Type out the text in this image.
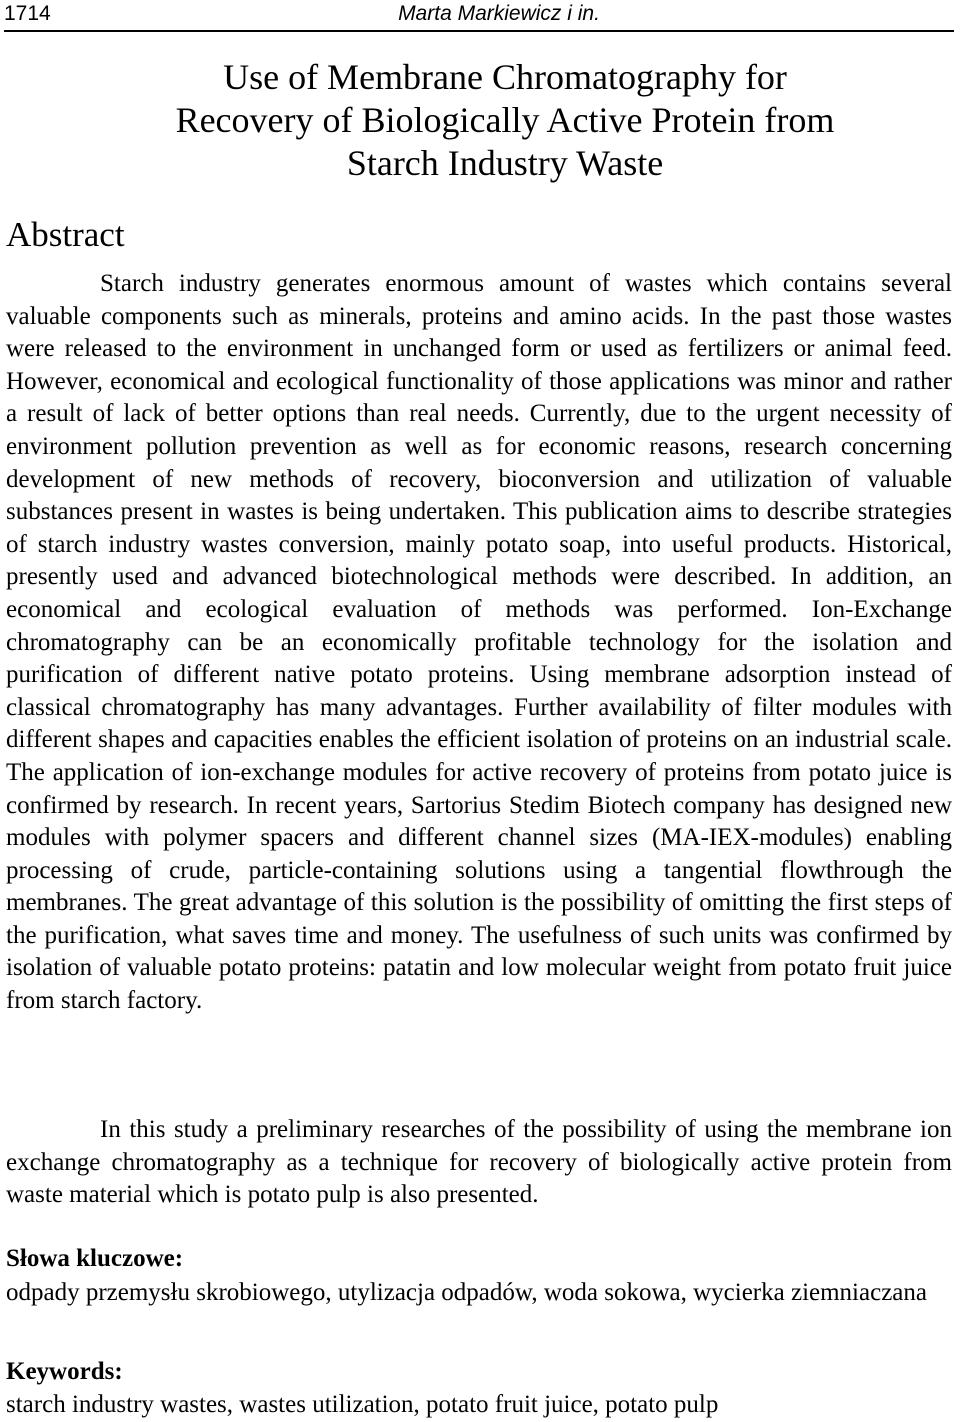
1714	Marta Markiewicz i in.
Use of Membrane Chromatography for
Recovery of Biologically Active Protein from
Starch Industry Waste
Abstract
Starch industry generates enormous amount of wastes which contains several valuable components such as minerals, proteins and amino acids. In the past those wastes were released to the environment in unchanged form or used as fertilizers or animal feed. However, economical and ecological functionality of those applications was minor and rather a result of lack of better options than real needs. Currently, due to the urgent necessity of environment pollution prevention as well as for economic reasons, research concerning development of new methods of recovery, bioconversion and utilization of valuable substances present in wastes is being undertaken. This publication aims to describe strategies of starch industry wastes conversion, mainly potato soap, into useful products. Historical, presently used and advanced biotechnological methods were described. In addition, an economical and ecological evaluation of methods was performed. Ion-Exchange chromatography can be an economically profitable technology for the isolation and purification of different native potato proteins. Using membrane adsorption instead of classical chromatography has many advantages. Further availability of filter modules with different shapes and capacities enables the efficient isolation of proteins on an industrial scale. The application of ion-exchange modules for active recovery of proteins from potato juice is confirmed by research. In recent years, Sartorius Stedim Biotech company has designed new modules with polymer spacers and different channel sizes (MA-IEX-modules) enabling processing of crude, particle-containing solutions using a tangential flowthrough the membranes. The great advantage of this solution is the possibility of omitting the first steps of the purification, what saves time and money. The usefulness of such units was confirmed by isolation of valuable potato proteins: patatin and low molecular weight from potato fruit juice from starch factory.
In this study a preliminary researches of the possibility of using the membrane ion exchange chromatography as a technique for recovery of biologically active protein from waste material which is potato pulp is also presented.
Słowa kluczowe:
odpady przemysłu skrobiowego, utylizacja odpadów, woda sokowa, wycierka ziemniaczana
Keywords:
starch industry wastes, wastes utilization, potato fruit juice, potato pulp
